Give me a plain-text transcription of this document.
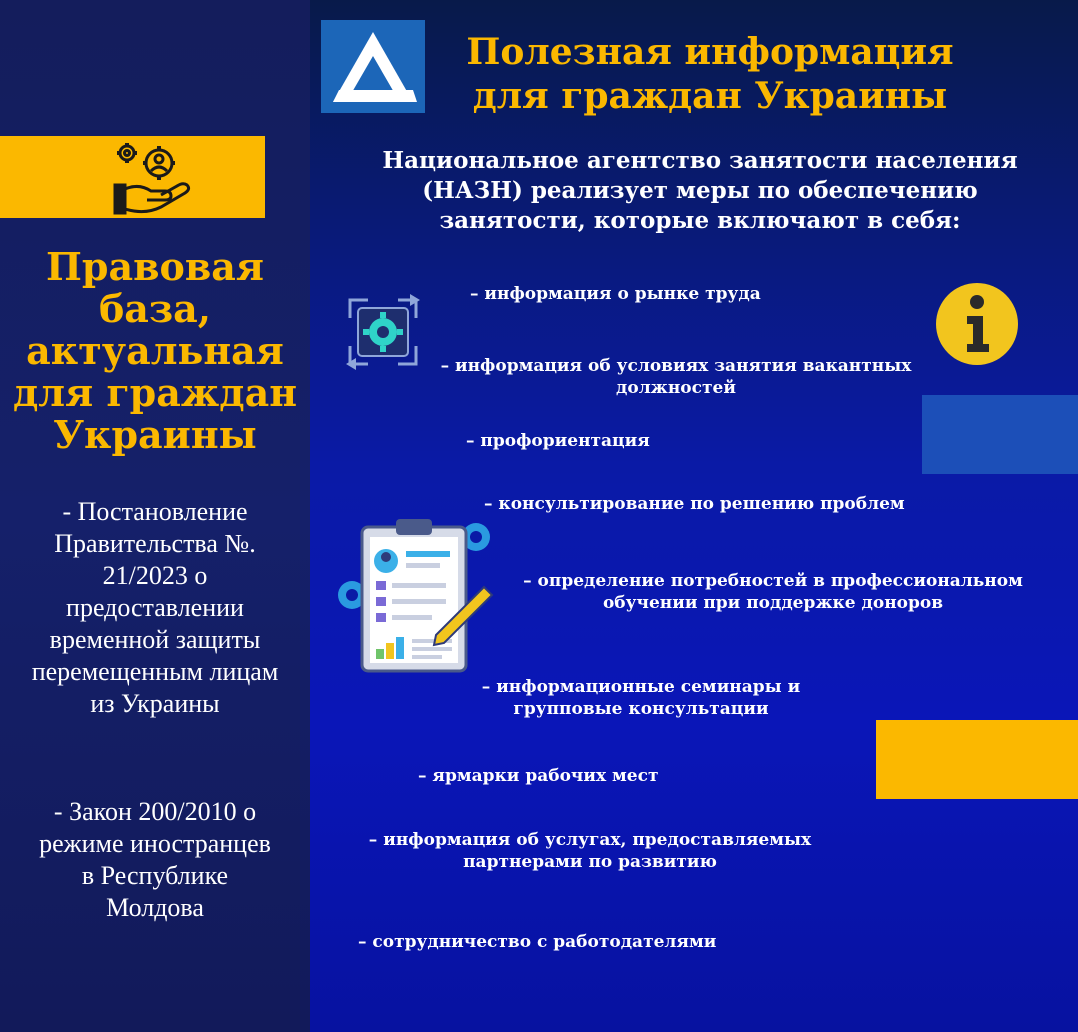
Правовая
база,
актуальная
для граждан
Украины
- Постановление
Правительства №.
21/2023 о
предоставлении
временной защиты
перемещенным лицам
из Украины
- Закон 200/2010 о
режиме иностранцев
в Республике
Молдова
Полезная информация
для граждан Украины
Национальное агентство занятости населения
(НАЗН) реализует меры по обеспечению
занятости, которые включают в себя:
– информация о рынке труда
– информация об условиях занятия вакантных
должностей
– профориентация
– консультирование по решению проблем
– определение потребностей в профессиональном
обучении при поддержке доноров
– информационные семинары и
групповые консультации
– ярмарки рабочих мест
– информация об услугах, предоставляемых
партнерами по развитию
– сотрудничество с работодателями
